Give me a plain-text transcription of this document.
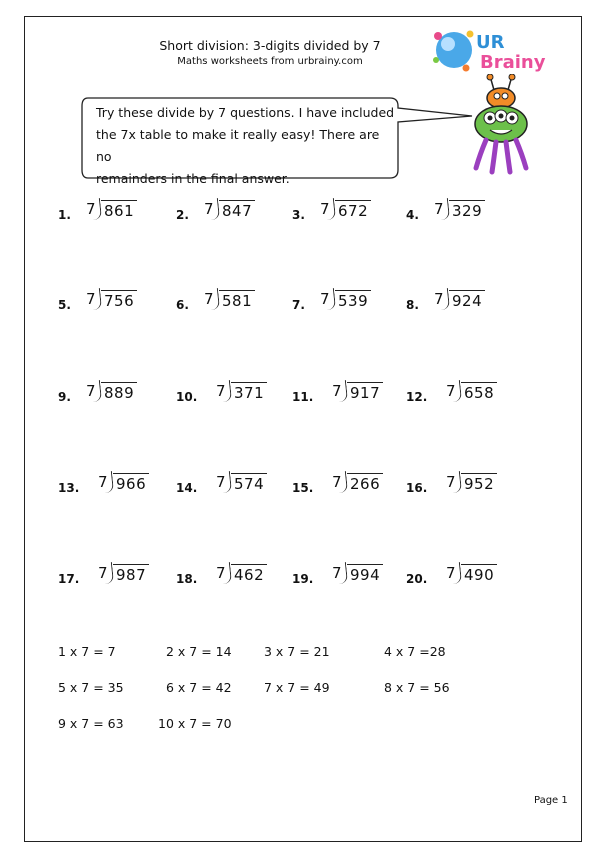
Short division: 3-digits divided by 7
Maths worksheets from urbrainy.com
UR
Brainy
Try these divide by 7 questions. I have included
the 7x table to make it really easy! There are no
remainders in the final answer.
1. 7 861	2. 7 847	3. 7 672	4. 7 329
5. 7 756	6. 7 581	7. 7 539	8. 7 924
9. 7 889	10. 7 371 11. 7 917 12. 7 658
13. 7 966 14. 7 574 15. 7 266 16. 7 952
17. 7 987 18. 7 462 19. 7 994 20. 7 490
1 x 7 = 7	2 x 7 = 14	3 x 7 = 21	4 x 7 =28
5 x 7 = 35	6 x 7 = 42	7 x 7 = 49	8 x 7 = 56
9 x 7 = 63	10 x 7 = 70
Page 1
